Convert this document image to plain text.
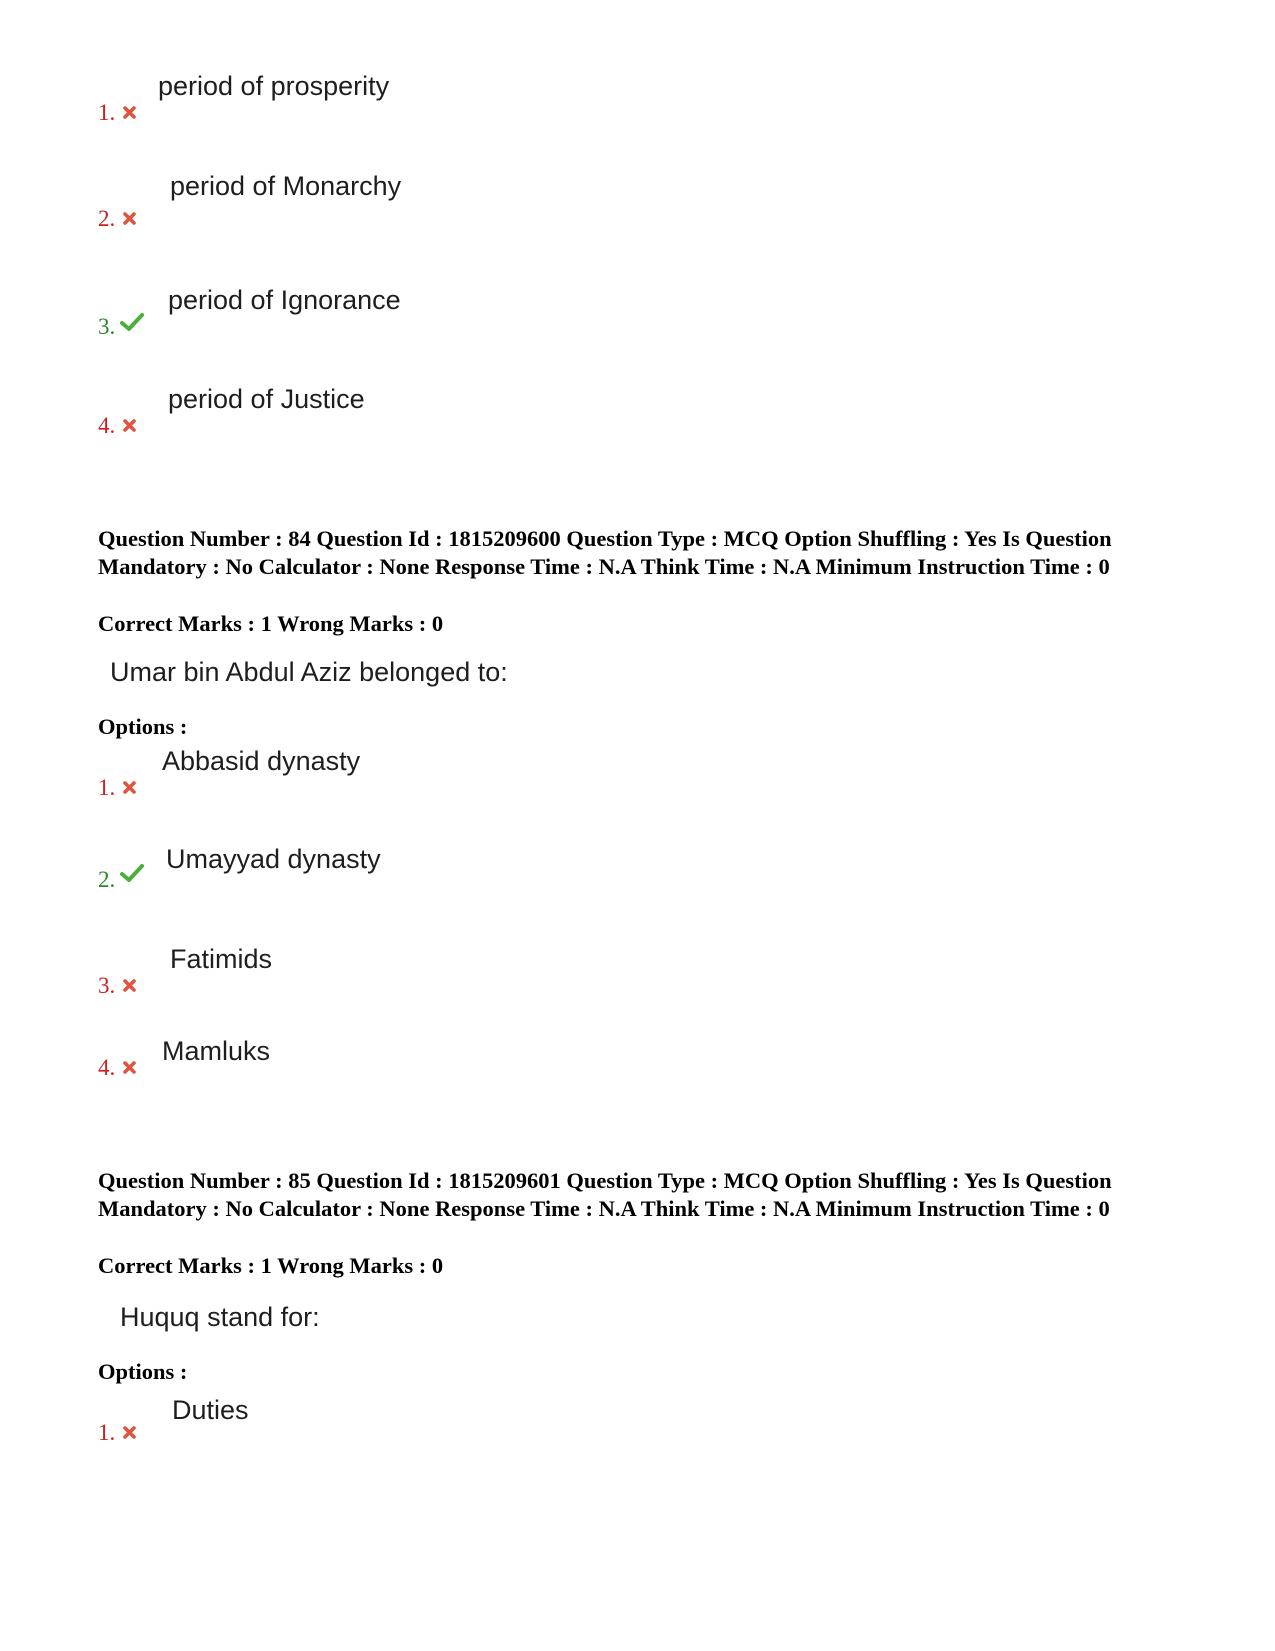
1.
period of prosperity
2.
period of Monarchy
3.
period of Ignorance
4.
period of Justice

Question Number : 84 Question Id : 1815209600 Question Type : MCQ Option Shuffling : Yes Is Question Mandatory : No Calculator : None Response Time : N.A Think Time : N.A Minimum Instruction Time : 0

Correct Marks : 1 Wrong Marks : 0
Umar bin Abdul Aziz belonged to:
Options :
1.
Abbasid dynasty
2.
Umayyad dynasty
3.
Fatimids
4.
Mamluks

Question Number : 85 Question Id : 1815209601 Question Type : MCQ Option Shuffling : Yes Is Question Mandatory : No Calculator : None Response Time : N.A Think Time : N.A Minimum Instruction Time : 0

Correct Marks : 1 Wrong Marks : 0
Huquq stand for:
Options :
1.
Duties
